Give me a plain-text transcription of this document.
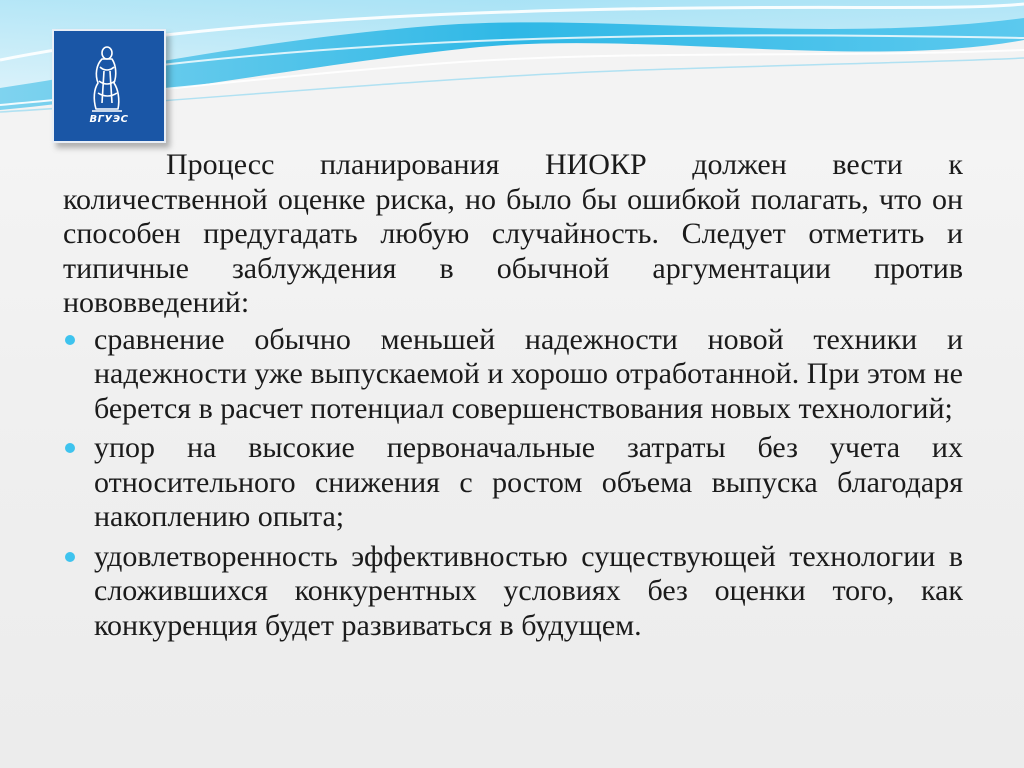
ВГУЭС

Процесс планирования НИОКР должен вести к количественной оценке риска, но было бы ошибкой полагать, что он способен предугадать любую случайность. Следует отметить и типичные заблуждения в обычной аргументации против нововведений:

сравнение обычно меньшей надежности новой техники и надежности уже выпускаемой и хорошо отработанной. При этом не берется в расчет потенциал совершенствования новых технологий;
упор на высокие первоначальные затраты без учета их относительного снижения с ростом объема выпуска благодаря накоплению опыта;
удовлетворенность эффективностью существующей технологии в сложившихся конкурентных условиях без оценки того, как конкуренция будет развиваться в будущем.
